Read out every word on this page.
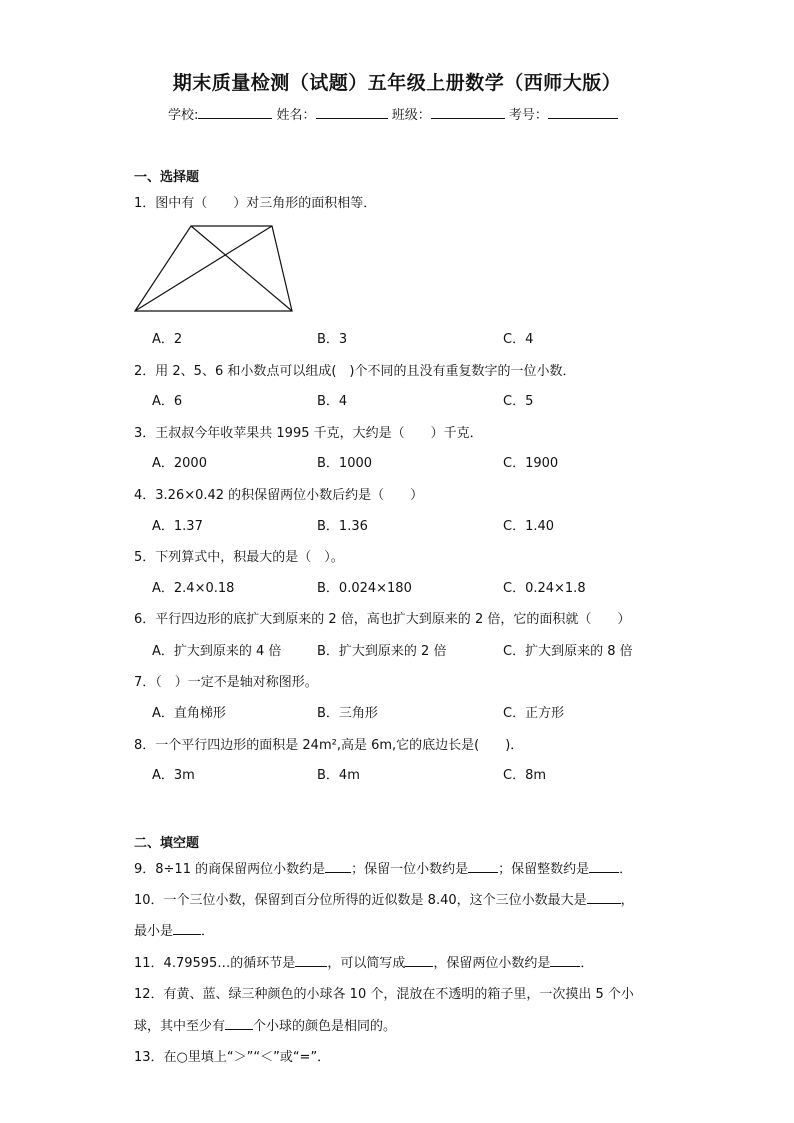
期末质量检测（试题）五年级上册数学（西师大版）
学校:	姓名：	班级：	考号：
一、选择题
1．图中有（　　）对三角形的面积相等．
A．2	B．3	C．4
2．用 2、5、6 和小数点可以组成(　)个不同的且没有重复数字的一位小数．
A．6	B．4	C．5
3．王叔叔今年收苹果共 1995 千克，大约是（　　）千克．
A．2000	B．1000	C．1900
4．3.26×0.42 的积保留两位小数后约是（　　）
A．1.37	B．1.36	C．1.40
5．下列算式中，积最大的是（　）。
A．2.4×0.18	B．0.024×180	C．0.24×1.8
6．平行四边形的底扩大到原来的 2 倍，高也扩大到原来的 2 倍，它的面积就（　　）
A．扩大到原来的 4 倍	B．扩大到原来的 2 倍	C．扩大到原来的 8 倍
7．（　）一定不是轴对称图形。
A．直角梯形	B．三角形	C．正方形
8．一个平行四边形的面积是 24m²,高是 6m,它的底边长是(　　)．
A．3m	B．4m	C．8m
二、填空题
9．8÷11 的商保留两位小数约是 ；保留一位小数约是 ；保留整数约是 ．
10．一个三位小数，保留到百分位所得的近似数是 8.40，这个三位小数最大是	，
最小是 ．
11．4.79595…的循环节是 ，可以简写成 ，保留两位小数约是 ．
12．有黄、蓝、绿三种颜色的小球各 10 个，混放在不透明的箱子里，一次摸出 5 个小
球，其中至少有 个小球的颜色是相同的。
13．在○里填上“＞”“＜”或“=”．
